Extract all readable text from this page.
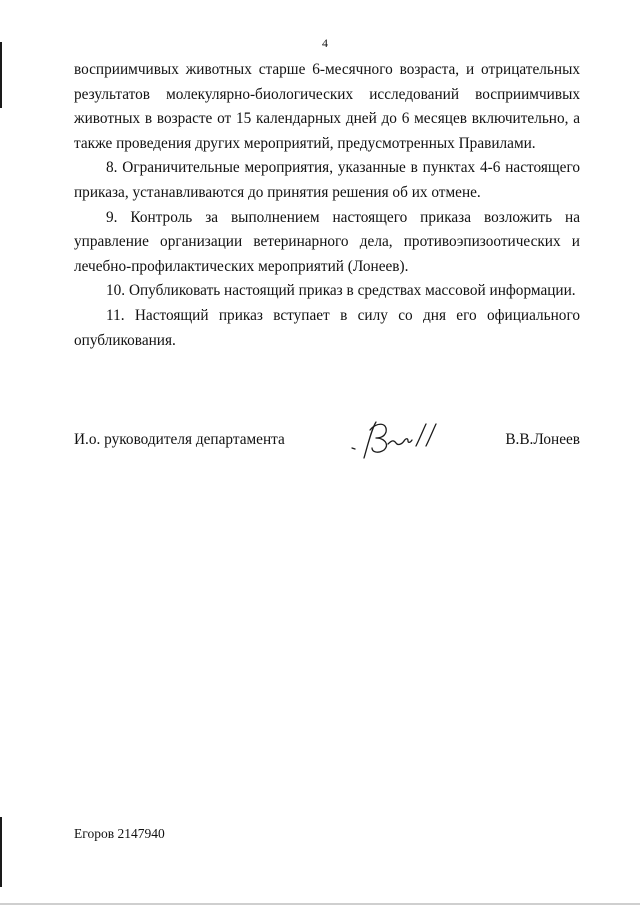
4

восприимчивых животных старше 6-месячного возраста, и отрицательных результатов молекулярно-биологических исследований восприимчивых животных в возрасте от 15 календарных дней до 6 месяцев включительно, а также проведения других мероприятий, предусмотренных Правилами.

8. Ограничительные мероприятия, указанные в пунктах 4-6 настоящего приказа, устанавливаются до принятия решения об их отмене.

9. Контроль за выполнением настоящего приказа возложить на управление организации ветеринарного дела, противоэпизоотических и лечебно-профилактических мероприятий (Лонеев).

10. Опубликовать настоящий приказ в средствах массовой информации.

11. Настоящий приказ вступает в силу со дня его официального опубликования.

И.о. руководителя департамента	В.В.Лонеев
Егоров 2147940
